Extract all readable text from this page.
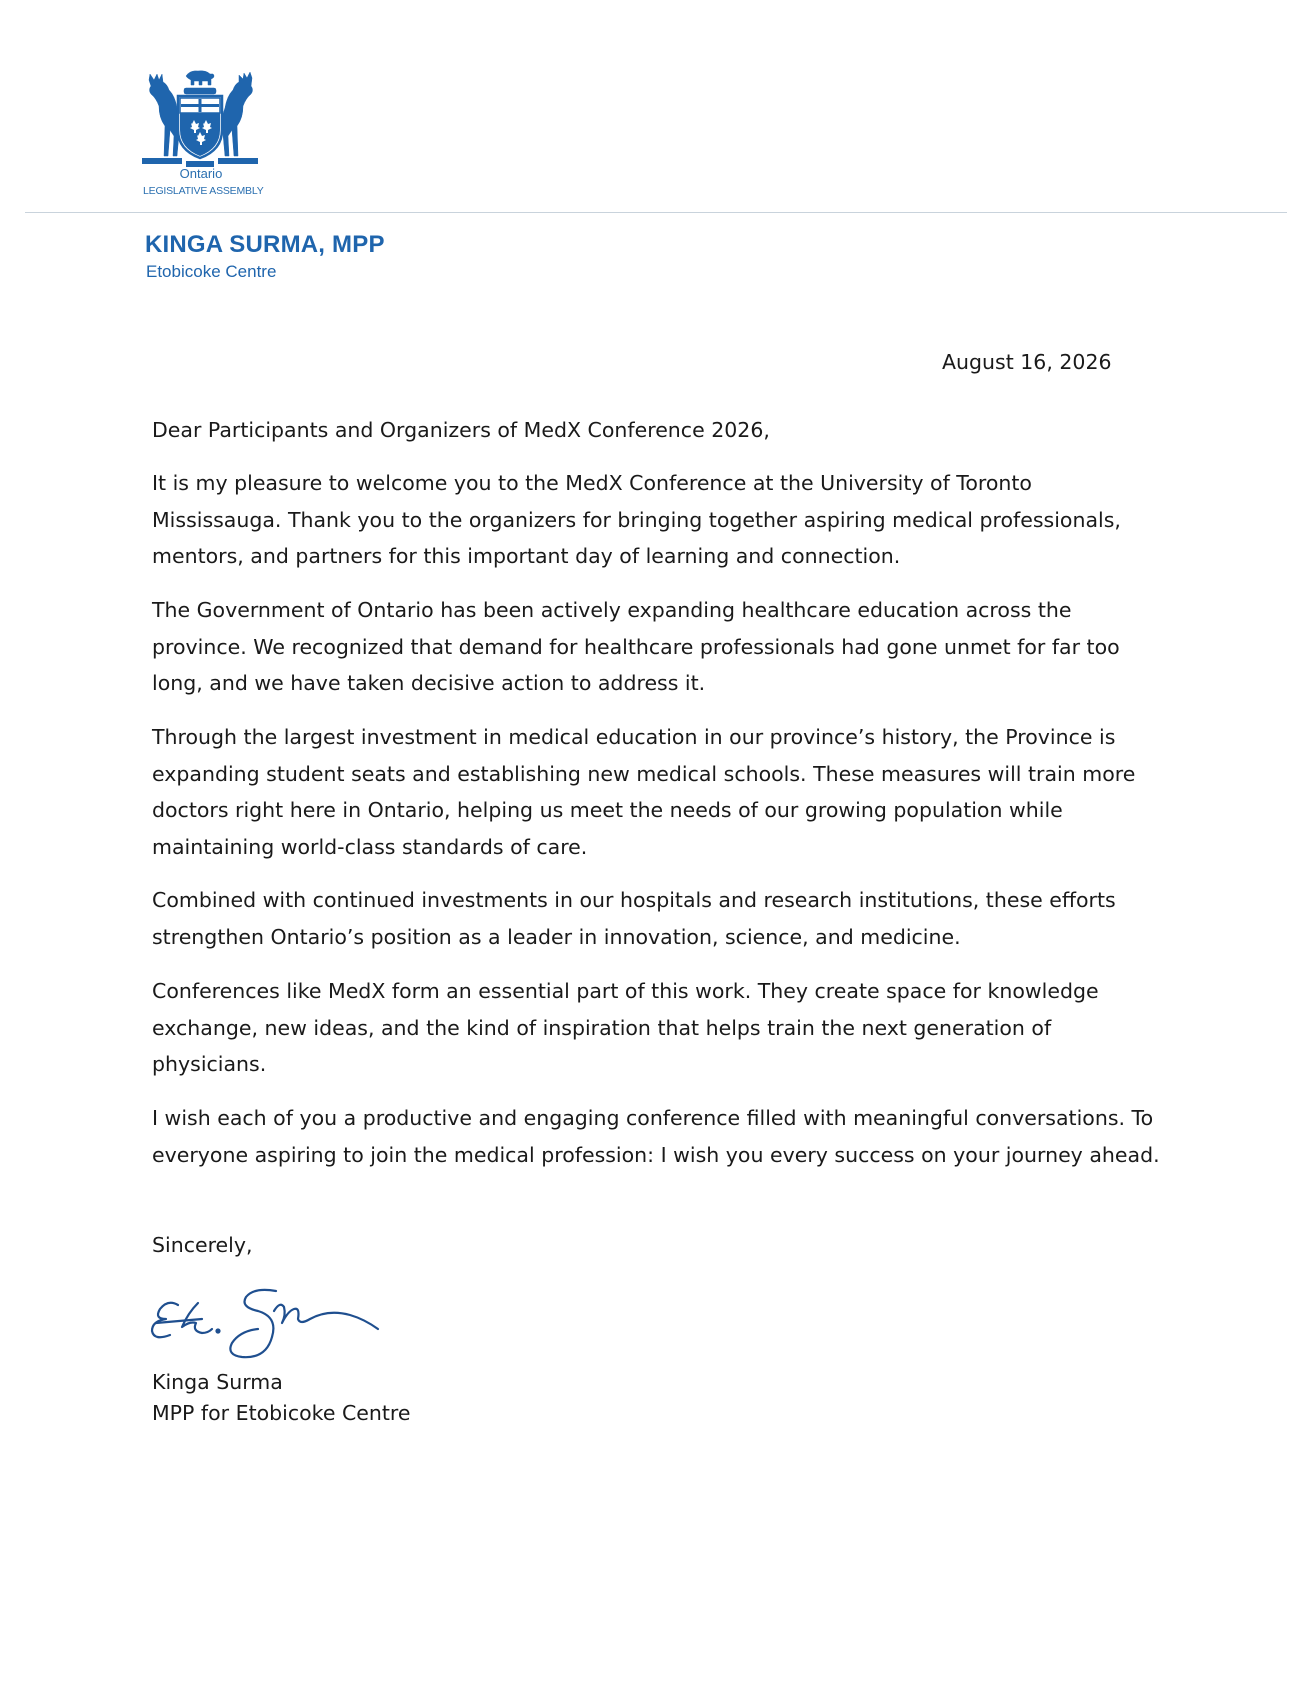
Ontario
LEGISLATIVE ASSEMBLY
KINGA SURMA, MPP
Etobicoke Centre
August 16, 2026
Dear Participants and Organizers of MedX Conference 2026,
It is my pleasure to welcome you to the MedX Conference at the University of Toronto Mississauga. Thank you to the organizers for bringing together aspiring medical professionals, mentors, and partners for this important day of learning and connection.
The Government of Ontario has been actively expanding healthcare education across the province. We recognized that demand for healthcare professionals had gone unmet for far too long, and we have taken decisive action to address it.
Through the largest investment in medical education in our province’s history, the Province is expanding student seats and establishing new medical schools. These measures will train more doctors right here in Ontario, helping us meet the needs of our growing population while maintaining world-class standards of care.
Combined with continued investments in our hospitals and research institutions, these efforts strengthen Ontario’s position as a leader in innovation, science, and medicine.
Conferences like MedX form an essential part of this work. They create space for knowledge exchange, new ideas, and the kind of inspiration that helps train the next generation of physicians.
I wish each of you a productive and engaging conference filled with meaningful conversations. To everyone aspiring to join the medical profession: I wish you every success on your journey ahead.
Sincerely,
Kinga Surma
MPP for Etobicoke Centre
